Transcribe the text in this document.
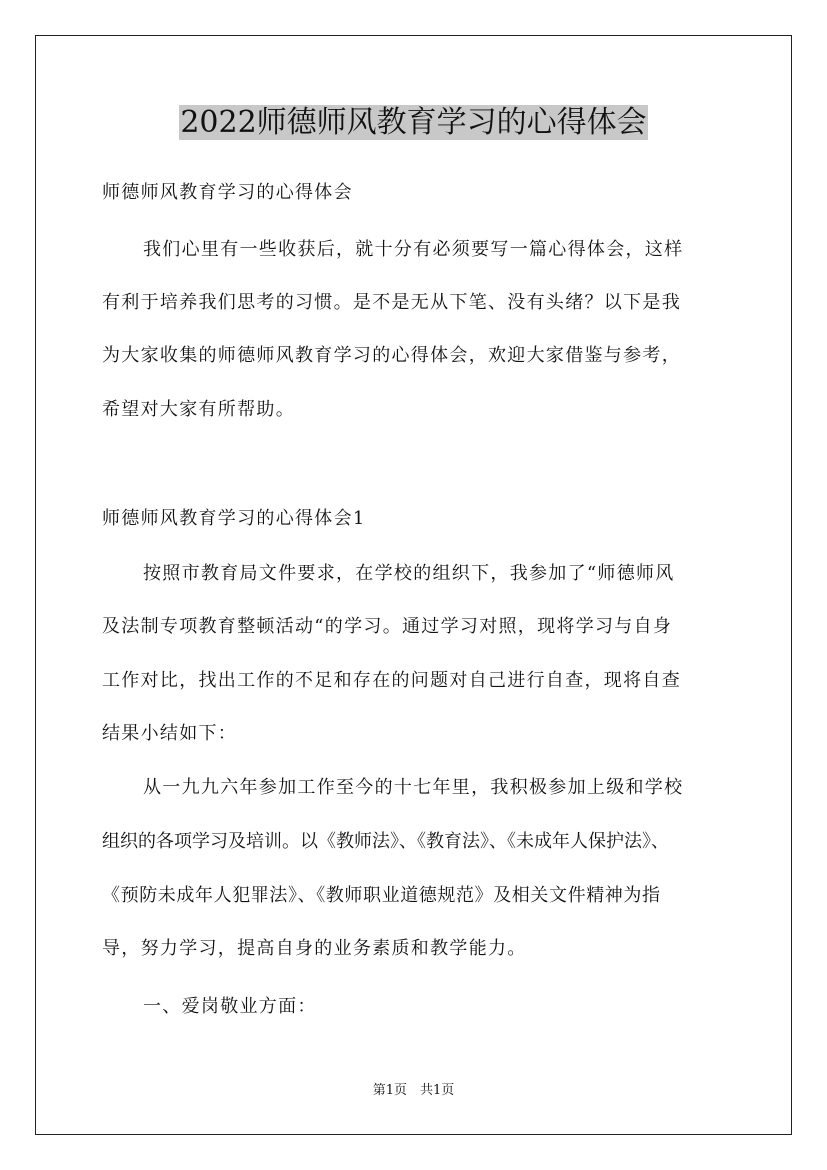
2022师德师风教育学习的心得体会

师德师风教育学习的心得体会

我们心里有一些收获后，就十分有必须要写一篇心得体会，这样

有利于培养我们思考的习惯。是不是无从下笔、没有头绪？以下是我

为大家收集的师德师风教育学习的心得体会，欢迎大家借鉴与参考，

希望对大家有所帮助。

师德师风教育学习的心得体会1

按照市教育局文件要求，在学校的组织下，我参加了“师德师风

及法制专项教育整顿活动“的学习。通过学习对照，现将学习与自身

工作对比，找出工作的不足和存在的问题对自己进行自查，现将自查

结果小结如下：

从一九九六年参加工作至今的十七年里，我积极参加上级和学校

组织的各项学习及培训。以《教师法》、《教育法》、《未成年人保护法》、

《预防未成年人犯罪法》、《教师职业道德规范》及相关文件精神为指

导，努力学习，提高自身的业务素质和教学能力。

一、爱岗敬业方面：

第1页　共1页
